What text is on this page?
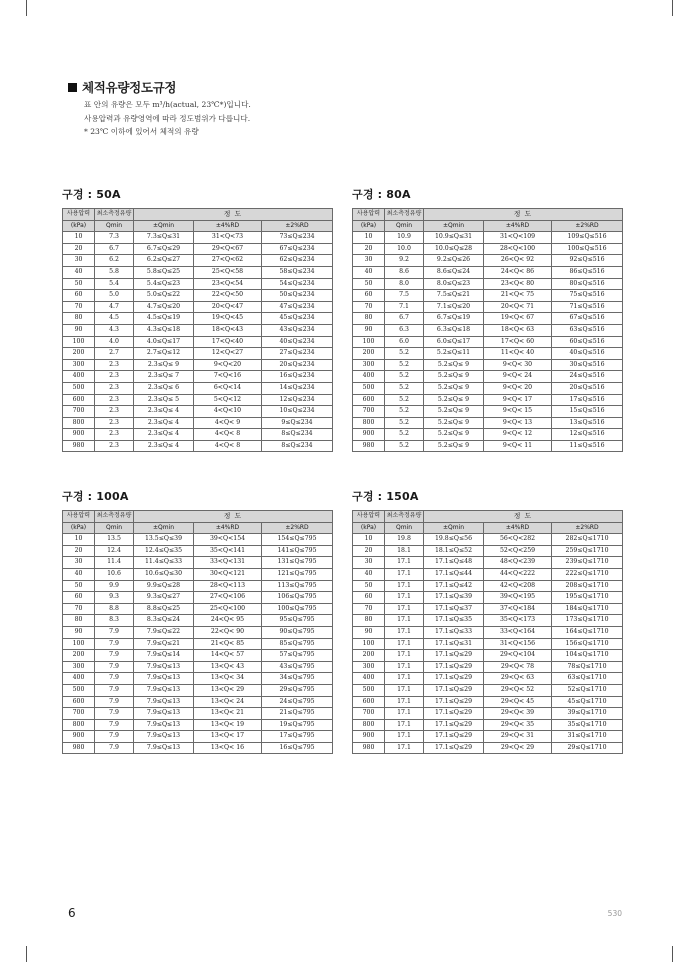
체적유량정도규정
표 안의 유량은 모두 m³/h(actual, 23℃*)입니다.
사용압력과 유량영역에 따라 정도범위가 다릅니다.
* 23℃ 이하에 있어서 체적의 유량
구경 : 50A
사용압력	최소측정유량	정 도		
(kPa)	Qmin	±Qmin	±4%RD	±2%RD
10	7.3	7.3≤Q≤31	31<Q<73	73≤Q≤234
20	6.7	6.7≤Q≤29	29<Q<67	67≤Q≤234
30	6.2	6.2≤Q≤27	27<Q<62	62≤Q≤234
40	5.8	5.8≤Q≤25	25<Q<58	58≤Q≤234
50	5.4	5.4≤Q≤23	23<Q<54	54≤Q≤234
60	5.0	5.0≤Q≤22	22<Q<50	50≤Q≤234
70	4.7	4.7≤Q≤20	20<Q<47	47≤Q≤234
80	4.5	4.5≤Q≤19	19<Q<45	45≤Q≤234
90	4.3	4.3≤Q≤18	18<Q<43	43≤Q≤234
100	4.0	4.0≤Q≤17	17<Q<40	40≤Q≤234
200	2.7	2.7≤Q≤12	12<Q<27	27≤Q≤234
300	2.3	2.3≤Q≤ 9	9<Q<20	20≤Q≤234
400	2.3	2.3≤Q≤ 7	7<Q<16	16≤Q≤234
500	2.3	2.3≤Q≤ 6	6<Q<14	14≤Q≤234
600	2.3	2.3≤Q≤ 5	5<Q<12	12≤Q≤234
700	2.3	2.3≤Q≤ 4	4<Q<10	10≤Q≤234
800	2.3	2.3≤Q≤ 4	4<Q< 9	9≤Q≤234
900	2.3	2.3≤Q≤ 4	4<Q< 8	8≤Q≤234
980	2.3	2.3≤Q≤ 4	4<Q< 8	8≤Q≤234
구경 : 80A
사용압력	최소측정유량	정 도		
(kPa)	Qmin	±Qmin	±4%RD	±2%RD
10	10.9	10.9≤Q≤31	31<Q<109	109≤Q≤516
20	10.0	10.0≤Q≤28	28<Q<100	100≤Q≤516
30	9.2	9.2≤Q≤26	26<Q< 92	92≤Q≤516
40	8.6	8.6≤Q≤24	24<Q< 86	86≤Q≤516
50	8.0	8.0≤Q≤23	23<Q< 80	80≤Q≤516
60	7.5	7.5≤Q≤21	21<Q< 75	75≤Q≤516
70	7.1	7.1≤Q≤20	20<Q< 71	71≤Q≤516
80	6.7	6.7≤Q≤19	19<Q< 67	67≤Q≤516
90	6.3	6.3≤Q≤18	18<Q< 63	63≤Q≤516
100	6.0	6.0≤Q≤17	17<Q< 60	60≤Q≤516
200	5.2	5.2≤Q≤11	11<Q< 40	40≤Q≤516
300	5.2	5.2≤Q≤ 9	9<Q< 30	30≤Q≤516
400	5.2	5.2≤Q≤ 9	9<Q< 24	24≤Q≤516
500	5.2	5.2≤Q≤ 9	9<Q< 20	20≤Q≤516
600	5.2	5.2≤Q≤ 9	9<Q< 17	17≤Q≤516
700	5.2	5.2≤Q≤ 9	9<Q< 15	15≤Q≤516
800	5.2	5.2≤Q≤ 9	9<Q< 13	13≤Q≤516
900	5.2	5.2≤Q≤ 9	9<Q< 12	12≤Q≤516
980	5.2	5.2≤Q≤ 9	9<Q< 11	11≤Q≤516
구경 : 100A
사용압력	최소측정유량	정 도		
(kPa)	Qmin	±Qmin	±4%RD	±2%RD
10	13.5	13.5≤Q≤39	39<Q<154	154≤Q≤795
20	12.4	12.4≤Q≤35	35<Q<141	141≤Q≤795
30	11.4	11.4≤Q≤33	33<Q<131	131≤Q≤795
40	10.6	10.6≤Q≤30	30<Q<121	121≤Q≤795
50	9.9	9.9≤Q≤28	28<Q<113	113≤Q≤795
60	9.3	9.3≤Q≤27	27<Q<106	106≤Q≤795
70	8.8	8.8≤Q≤25	25<Q<100	100≤Q≤795
80	8.3	8.3≤Q≤24	24<Q< 95	95≤Q≤795
90	7.9	7.9≤Q≤22	22<Q< 90	90≤Q≤795
100	7.9	7.9≤Q≤21	21<Q< 85	85≤Q≤795
200	7.9	7.9≤Q≤14	14<Q< 57	57≤Q≤795
300	7.9	7.9≤Q≤13	13<Q< 43	43≤Q≤795
400	7.9	7.9≤Q≤13	13<Q< 34	34≤Q≤795
500	7.9	7.9≤Q≤13	13<Q< 29	29≤Q≤795
600	7.9	7.9≤Q≤13	13<Q< 24	24≤Q≤795
700	7.9	7.9≤Q≤13	13<Q< 21	21≤Q≤795
800	7.9	7.9≤Q≤13	13<Q< 19	19≤Q≤795
900	7.9	7.9≤Q≤13	13<Q< 17	17≤Q≤795
980	7.9	7.9≤Q≤13	13<Q< 16	16≤Q≤795
구경 : 150A
사용압력	최소측정유량	정 도		
(kPa)	Qmin	±Qmin	±4%RD	±2%RD
10	19.8	19.8≤Q≤56	56<Q<282	282≤Q≤1710
20	18.1	18.1≤Q≤52	52<Q<259	259≤Q≤1710
30	17.1	17.1≤Q≤48	48<Q<239	239≤Q≤1710
40	17.1	17.1≤Q≤44	44<Q<222	222≤Q≤1710
50	17.1	17.1≤Q≤42	42<Q<208	208≤Q≤1710
60	17.1	17.1≤Q≤39	39<Q<195	195≤Q≤1710
70	17.1	17.1≤Q≤37	37<Q<184	184≤Q≤1710
80	17.1	17.1≤Q≤35	35<Q<173	173≤Q≤1710
90	17.1	17.1≤Q≤33	33<Q<164	164≤Q≤1710
100	17.1	17.1≤Q≤31	31<Q<156	156≤Q≤1710
200	17.1	17.1≤Q≤29	29<Q<104	104≤Q≤1710
300	17.1	17.1≤Q≤29	29<Q< 78	78≤Q≤1710
400	17.1	17.1≤Q≤29	29<Q< 63	63≤Q≤1710
500	17.1	17.1≤Q≤29	29<Q< 52	52≤Q≤1710
600	17.1	17.1≤Q≤29	29<Q< 45	45≤Q≤1710
700	17.1	17.1≤Q≤29	29<Q< 39	39≤Q≤1710
800	17.1	17.1≤Q≤29	29<Q< 35	35≤Q≤1710
900	17.1	17.1≤Q≤29	29<Q< 31	31≤Q≤1710
980	17.1	17.1≤Q≤29	29<Q< 29	29≤Q≤1710
6	530
